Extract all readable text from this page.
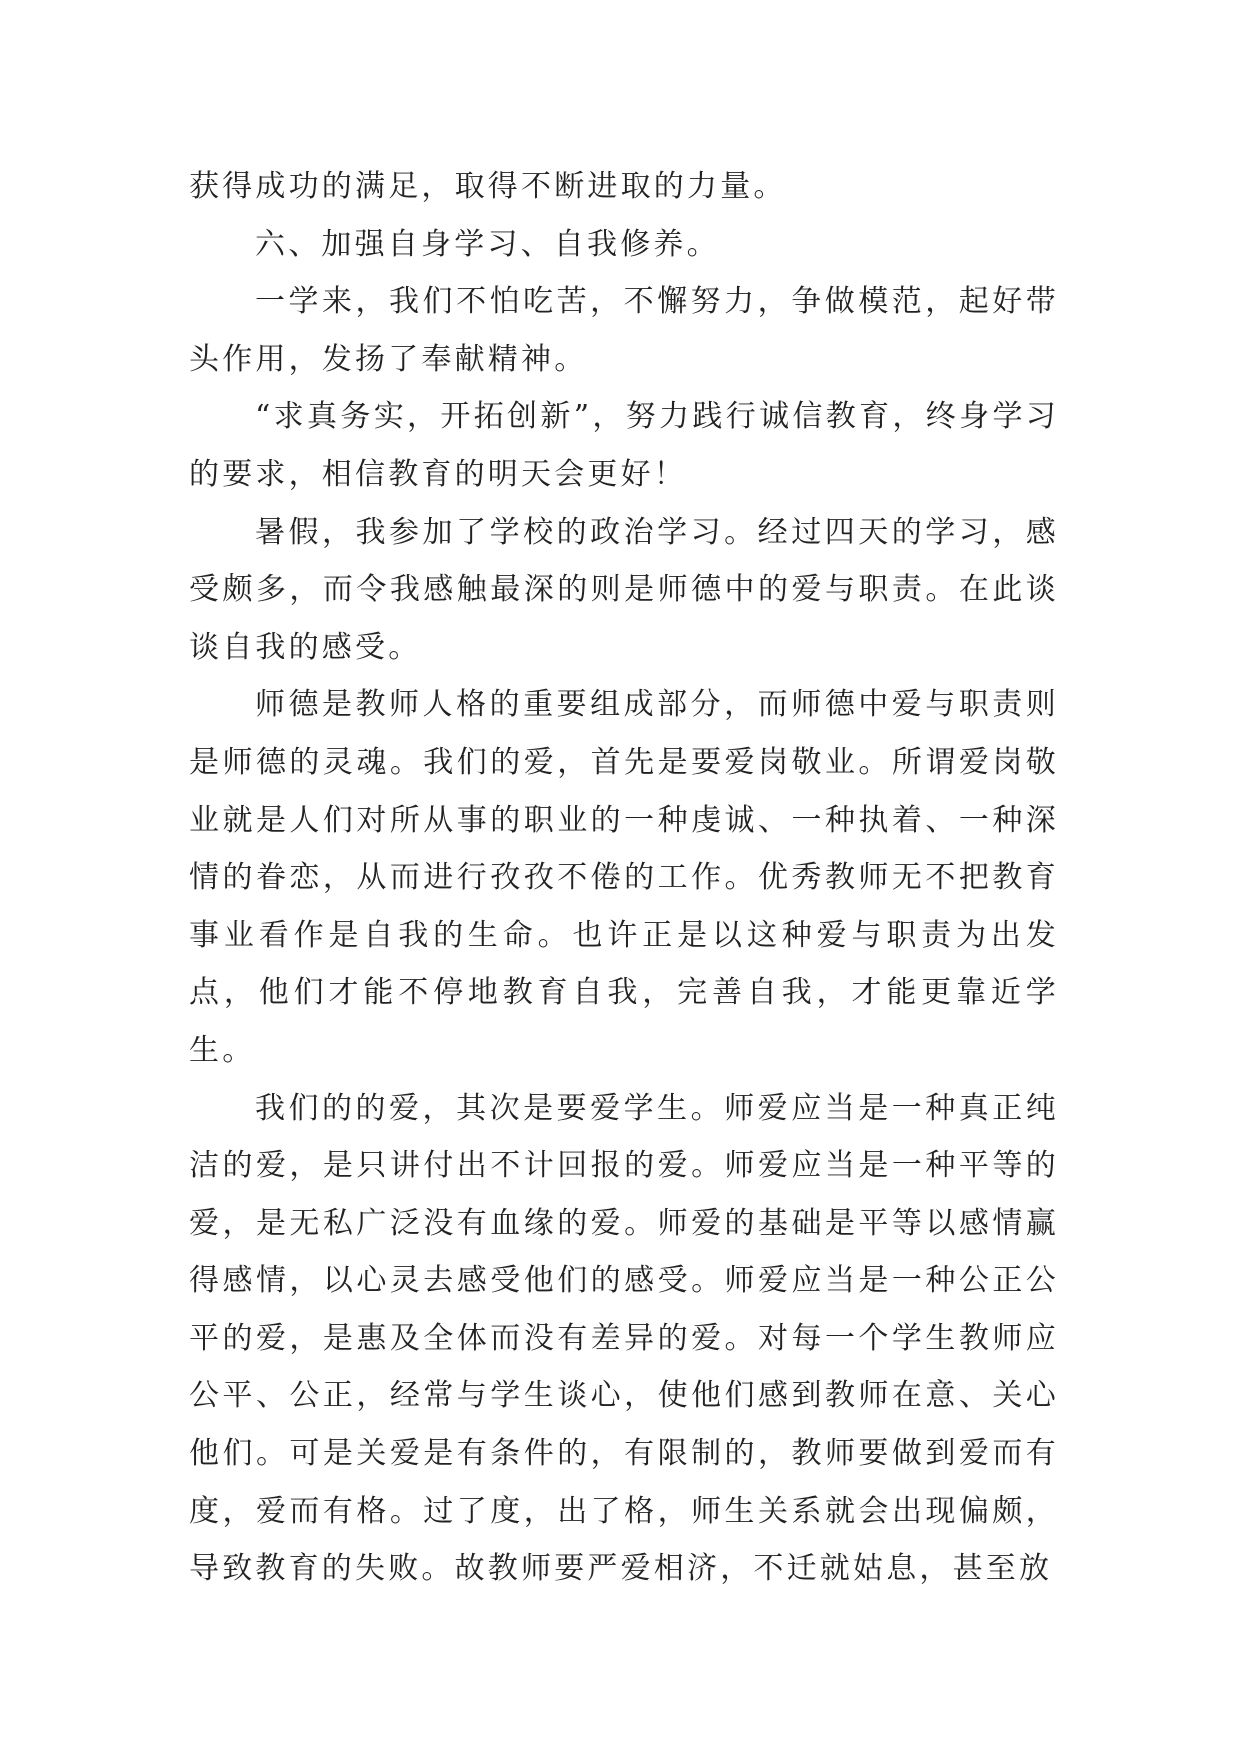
获得成功的满足，取得不断进取的力量。

六、加强自身学习、自我修养。

一学来，我们不怕吃苦，不懈努力，争做模范，起好带头作用，发扬了奉献精神。

“求真务实，开拓创新”，努力践行诚信教育，终身学习的要求，相信教育的明天会更好！

暑假，我参加了学校的政治学习。经过四天的学习，感受颇多，而令我感触最深的则是师德中的爱与职责。在此谈谈自我的感受。

师德是教师人格的重要组成部分，而师德中爱与职责则是师德的灵魂。我们的爱，首先是要爱岗敬业。所谓爱岗敬业就是人们对所从事的职业的一种虔诚、一种执着、一种深情的眷恋，从而进行孜孜不倦的工作。优秀教师无不把教育事业看作是自我的生命。也许正是以这种爱与职责为出发点，他们才能不停地教育自我，完善自我，才能更靠近学生。

我们的的爱，其次是要爱学生。师爱应当是一种真正纯洁的爱，是只讲付出不计回报的爱。师爱应当是一种平等的爱，是无私广泛没有血缘的爱。师爱的基础是平等以感情赢得感情，以心灵去感受他们的感受。师爱应当是一种公正公平的爱，是惠及全体而没有差异的爱。对每一个学生教师应公平、公正，经常与学生谈心，使他们感到教师在意、关心他们。可是关爱是有条件的，有限制的，教师要做到爱而有度，爱而有格。过了度，出了格，师生关系就会出现偏颇，导致教育的失败。故教师要严爱相济，不迁就姑息，甚至放
